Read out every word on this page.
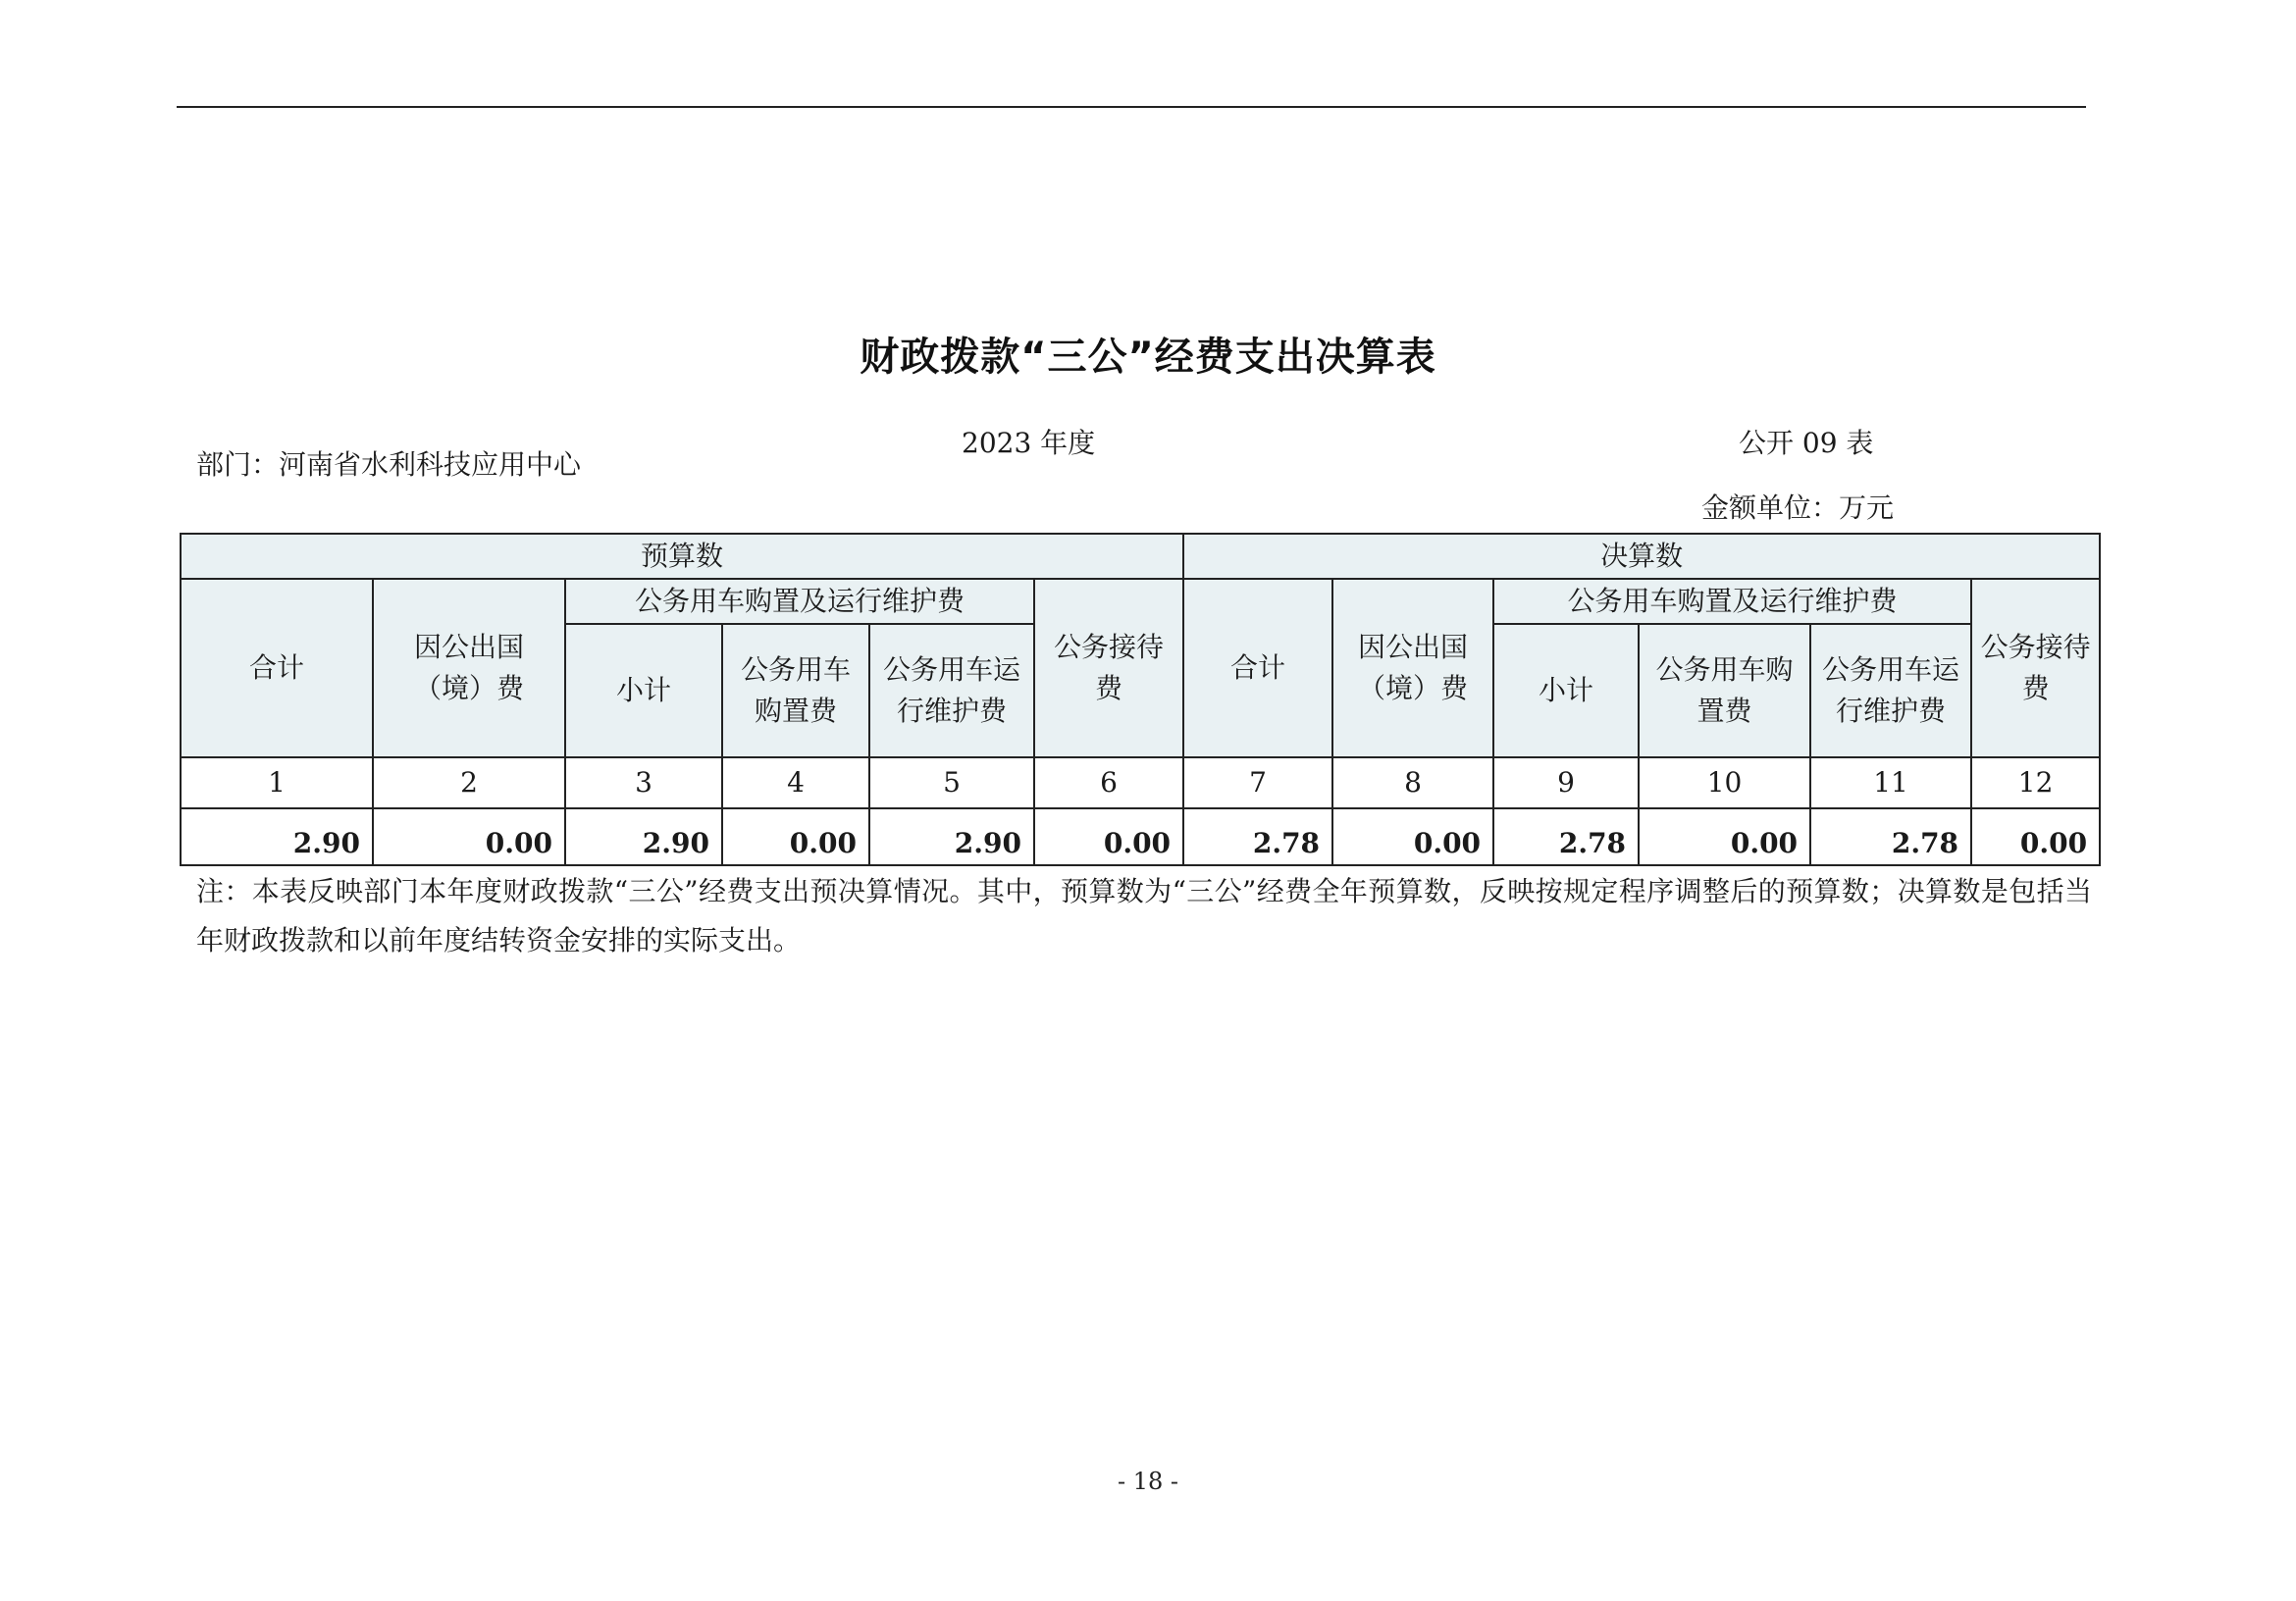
财政拨款“三公”经费支出决算表
部门：河南省水利科技应用中心
2023 年度	公开 09 表
金额单位：万元
预算数						决算数					
合计	因公出国（境）费	公务用车购置及运行维护费			公务接待费	合计	因公出国（境）费	公务用车购置及运行维护费			公务接待费
		小计	公务用车购置费	公务用车运行维护费				小计	公务用车购置费	公务用车运行维护费	
1	2	3	4	5	6	7	8	9	10	11	12
2.90	0.00	2.90	0.00	2.90	0.00	2.78	0.00	2.78	0.00	2.78	0.00
注：本表反映部门本年度财政拨款“三公”经费支出预决算情况。其中，预算数为“三公”经费全年预算数，反映按规定程序调整后的预算数；决算数是包括当年财政拨款和以前年度结转资金安排的实际支出。
- 18 -
